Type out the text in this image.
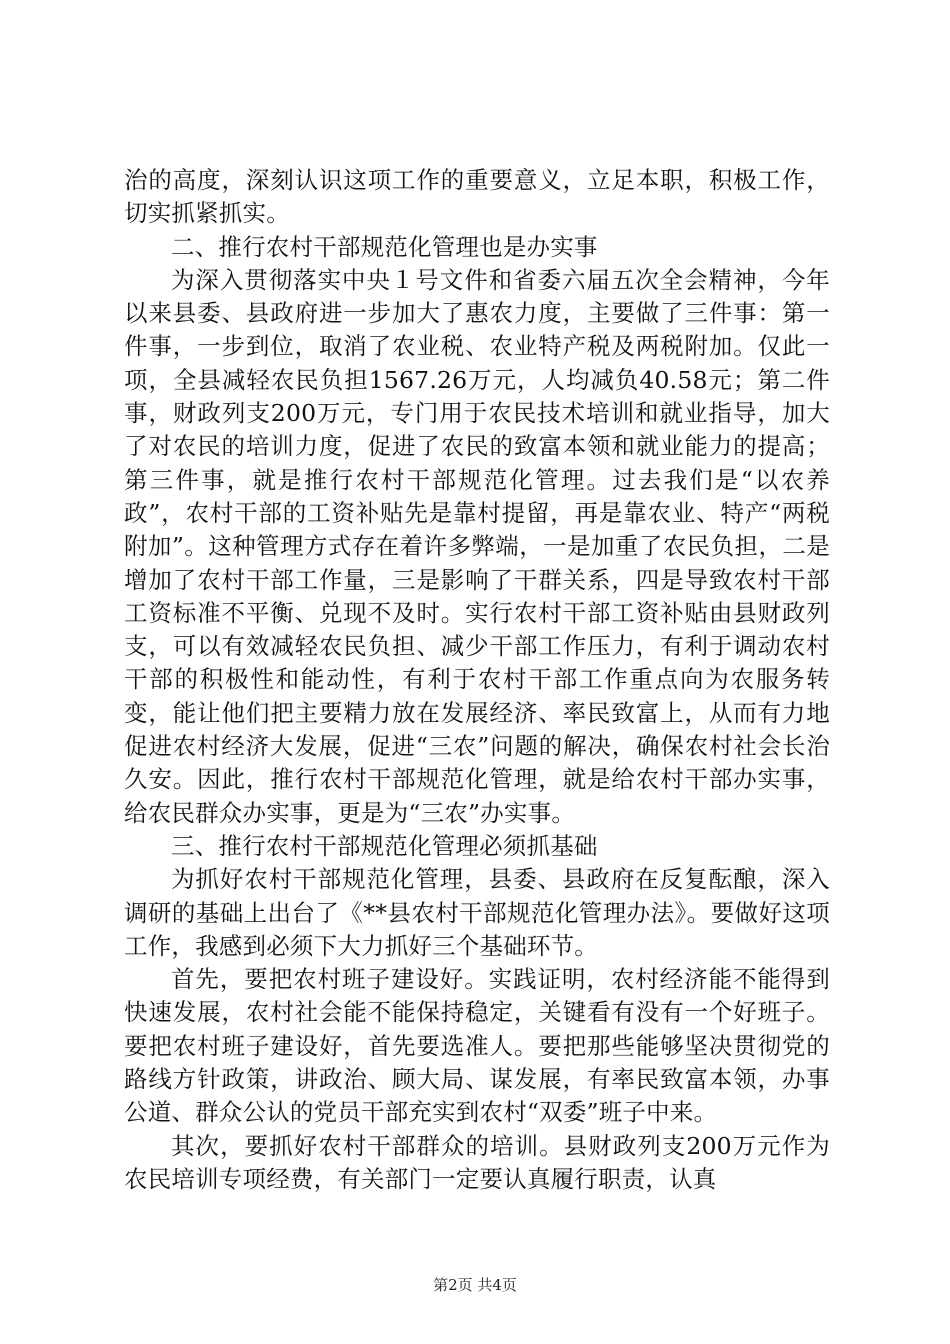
治的高度，深刻认识这项工作的重要意义，立足本职，积极工作，切实抓紧抓实。

二、推行农村干部规范化管理也是办实事

为深入贯彻落实中央１号文件和省委六届五次全会精神，今年以来县委、县政府进一步加大了惠农力度，主要做了三件事：第一件事，一步到位，取消了农业税、农业特产税及两税附加。仅此一项，全县减轻农民负担1567.26万元，人均减负40.58元；第二件事，财政列支200万元，专门用于农民技术培训和就业指导，加大了对农民的培训力度，促进了农民的致富本领和就业能力的提高；第三件事，就是推行农村干部规范化管理。过去我们是“以农养政”，农村干部的工资补贴先是靠村提留，再是靠农业、特产“两税附加”。这种管理方式存在着许多弊端，一是加重了农民负担，二是增加了农村干部工作量，三是影响了干群关系，四是导致农村干部工资标准不平衡、兑现不及时。实行农村干部工资补贴由县财政列支，可以有效减轻农民负担、减少干部工作压力，有利于调动农村干部的积极性和能动性，有利于农村干部工作重点向为农服务转变，能让他们把主要精力放在发展经济、率民致富上，从而有力地促进农村经济大发展，促进“三农”问题的解决，确保农村社会长治久安。因此，推行农村干部规范化管理，就是给农村干部办实事，给农民群众办实事，更是为“三农”办实事。

三、推行农村干部规范化管理必须抓基础

为抓好农村干部规范化管理，县委、县政府在反复酝酿，深入调研的基础上出台了《**县农村干部规范化管理办法》。要做好这项工作，我感到必须下大力抓好三个基础环节。

首先，要把农村班子建设好。实践证明，农村经济能不能得到快速发展，农村社会能不能保持稳定，关键看有没有一个好班子。要把农村班子建设好，首先要选准人。要把那些能够坚决贯彻党的路线方针政策，讲政治、顾大局、谋发展，有率民致富本领，办事公道、群众公认的党员干部充实到农村“双委”班子中来。

其次，要抓好农村干部群众的培训。县财政列支200万元作为农民培训专项经费，有关部门一定要认真履行职责，认真

第2页 共4页
